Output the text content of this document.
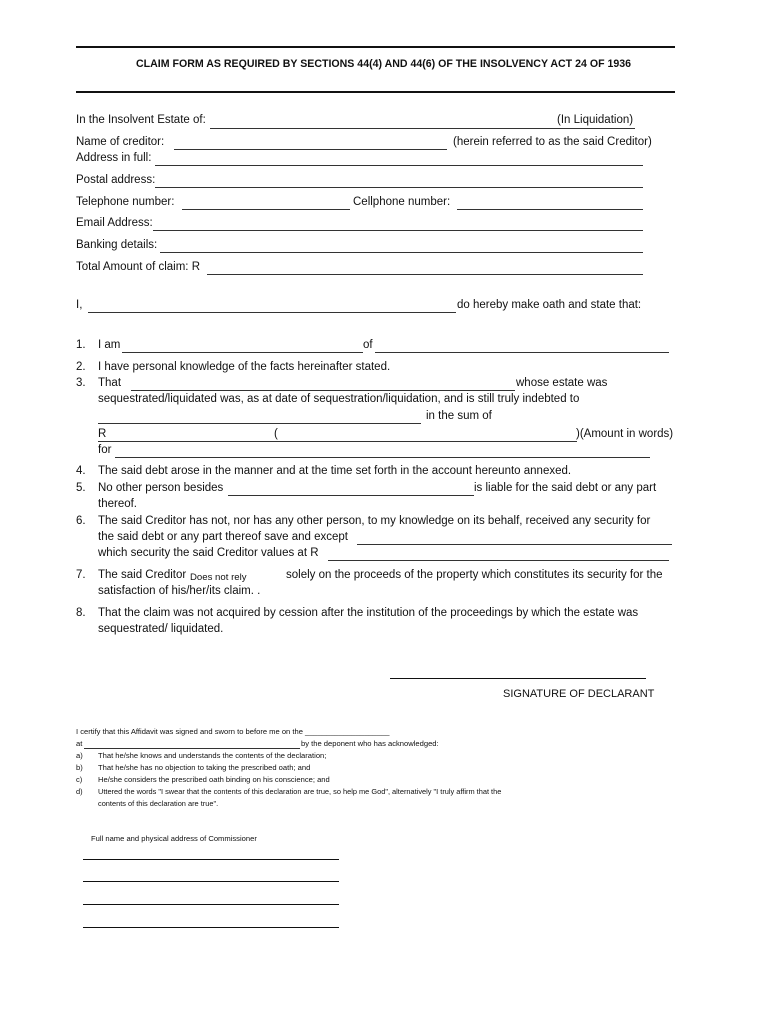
CLAIM FORM AS REQUIRED BY SECTIONS 44(4) AND 44(6) OF THE INSOLVENCY ACT 24 OF 1936
In the Insolvent Estate of:	(In Liquidation)
Name of creditor:	(herein referred to as the said Creditor)
Address in full:
Postal address:
Telephone number:	Cellphone number:
Email Address:
Banking details:
Total Amount of claim: R
I,	do hereby make oath and state that:
1. I am	of
2. I have personal knowledge of the facts hereinafter stated.
3. That	whose estate was
sequestrated/liquidated was, as at date of sequestration/liquidation, and is still truly indebted to
in the sum of
R	(	)(Amount in words)
for
4. The said debt arose in the manner and at the time set forth in the account hereunto annexed.
5. No other person besides	is liable for the said debt or any part
thereof.
6. The said Creditor has not, nor has any other person, to my knowledge on its behalf, received any security for
the said debt or any part thereof save and except
which security the said Creditor values at R
7. The said Creditor Does not rely	solely on the proceeds of the property which constitutes its security for the
satisfaction of his/her/its claim. .
8. That the claim was not acquired by cession after the institution of the proceedings by which the estate was
sequestrated/ liquidated.
SIGNATURE OF DECLARANT
I certify that this Affidavit was signed and sworn to before me on the ____________________
at	by the deponent who has acknowledged:
a) That he/she knows and understands the contents of the declaration;
b) That he/she has no objection to taking the prescribed oath; and
c) He/she considers the prescribed oath binding on his conscience; and
d) Uttered the words "I swear that the contents of this declaration are true, so help me God", alternatively "I truly affirm that the
contents of this declaration are true".
Full name and physical address of Commissioner
